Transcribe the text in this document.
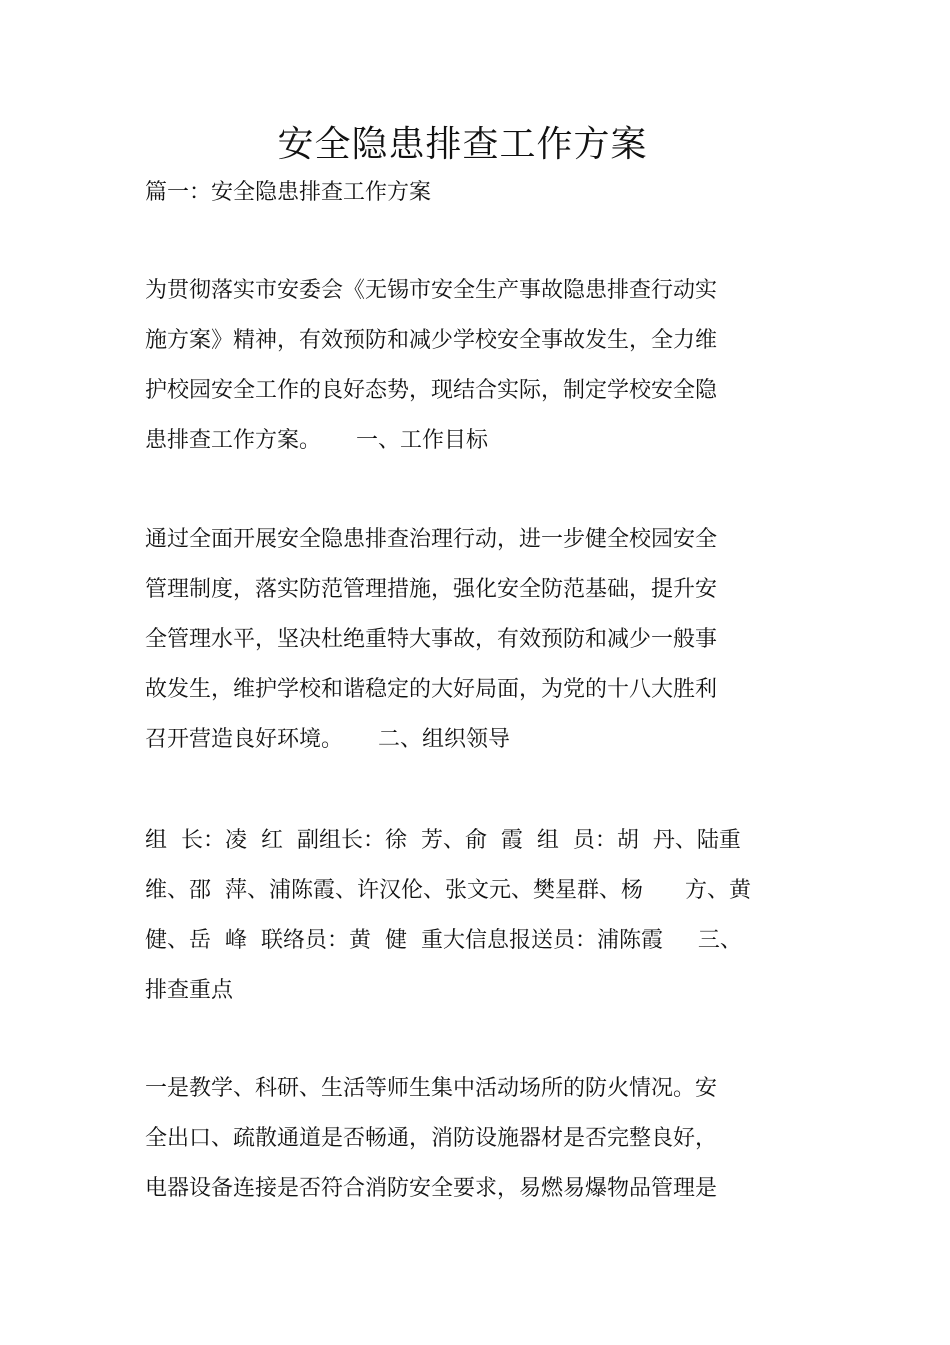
安全隐患排查工作方案
篇一：安全隐患排查工作方案
为贯彻落实市安委会《无锡市安全生产事故隐患排查行动实
施方案》精神，有效预防和减少学校安全事故发生，全力维
护校园安全工作的良好态势，现结合实际，制定学校安全隐
患排查工作方案。     一、工作目标
通过全面开展安全隐患排查治理行动，进一步健全校园安全
管理制度，落实防范管理措施，强化安全防范基础，提升安
全管理水平，坚决杜绝重特大事故，有效预防和减少一般事
故发生，维护学校和谐稳定的大好局面，为党的十八大胜利
召开营造良好环境。     二、组织领导
组  长：凌  红  副组长：徐  芳、俞  霞  组  员：胡  丹、陆重
维、邵  萍、浦陈霞、许汉伦、张文元、樊星群、杨      方、黄
健、岳  峰  联络员：黄  健  重大信息报送员：浦陈霞     三、
排查重点
一是教学、科研、生活等师生集中活动场所的防火情况。安
全出口、疏散通道是否畅通，消防设施器材是否完整良好，
电器设备连接是否符合消防安全要求，易燃易爆物品管理是
